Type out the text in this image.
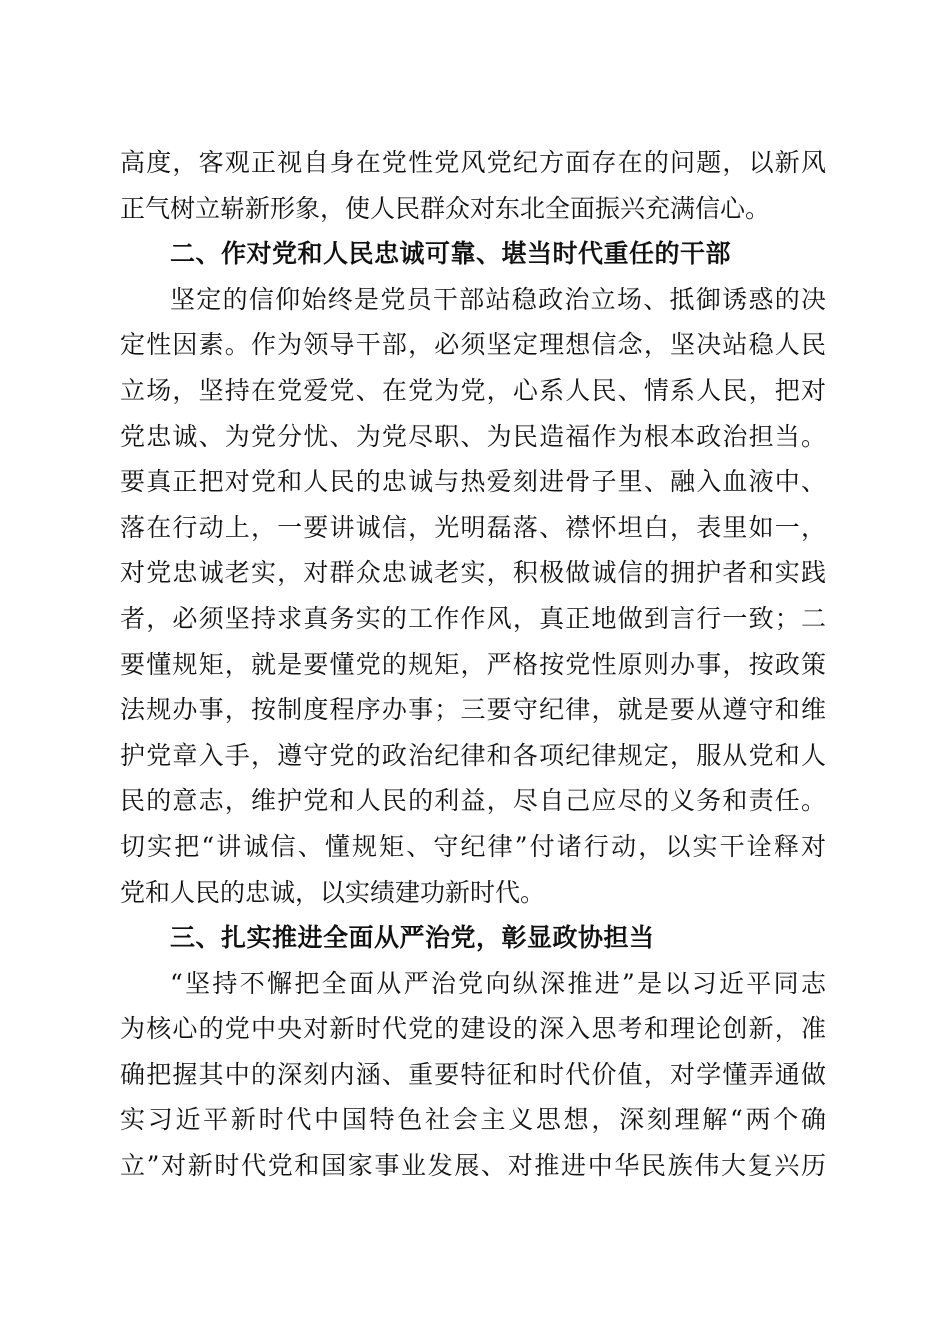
高度，客观正视自身在党性党风党纪方面存在的问题，以新风
正气树立崭新形象，使人民群众对东北全面振兴充满信心。
二、作对党和人民忠诚可靠、堪当时代重任的干部
坚定的信仰始终是党员干部站稳政治立场、抵御诱惑的决
定性因素。作为领导干部，必须坚定理想信念，坚决站稳人民
立场，坚持在党爱党、在党为党，心系人民、情系人民，把对
党忠诚、为党分忧、为党尽职、为民造福作为根本政治担当。
要真正把对党和人民的忠诚与热爱刻进骨子里、融入血液中、
落在行动上，一要讲诚信，光明磊落、襟怀坦白，表里如一，
对党忠诚老实，对群众忠诚老实，积极做诚信的拥护者和实践
者，必须坚持求真务实的工作作风，真正地做到言行一致；二
要懂规矩，就是要懂党的规矩，严格按党性原则办事，按政策
法规办事，按制度程序办事；三要守纪律，就是要从遵守和维
护党章入手，遵守党的政治纪律和各项纪律规定，服从党和人
民的意志，维护党和人民的利益，尽自己应尽的义务和责任。
切实把“讲诚信、懂规矩、守纪律”付诸行动，以实干诠释对
党和人民的忠诚，以实绩建功新时代。
三、扎实推进全面从严治党，彰显政协担当
“坚持不懈把全面从严治党向纵深推进”是以习近平同志
为核心的党中央对新时代党的建设的深入思考和理论创新，准
确把握其中的深刻内涵、重要特征和时代价值，对学懂弄通做
实习近平新时代中国特色社会主义思想，深刻理解“两个确
立”对新时代党和国家事业发展、对推进中华民族伟大复兴历
